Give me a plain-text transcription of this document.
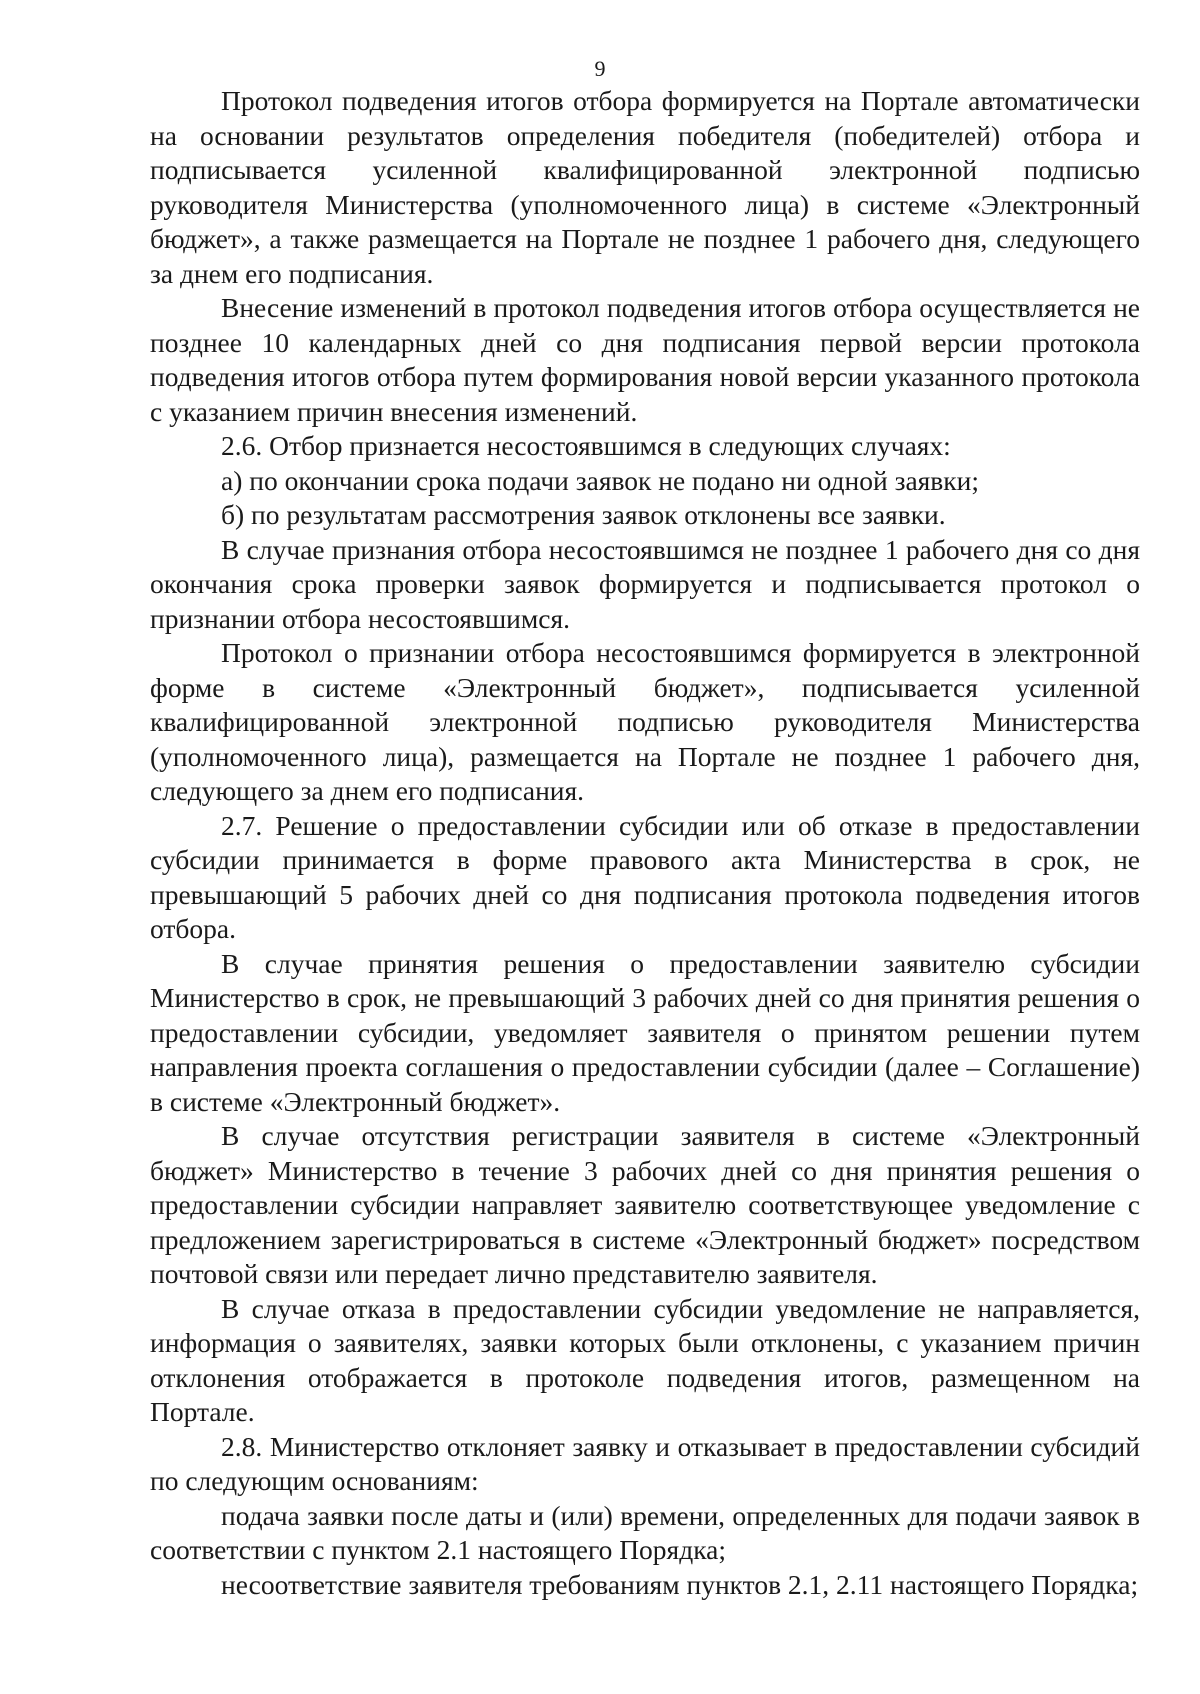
9

Протокол подведения итогов отбора формируется на Портале автоматически на основании результатов определения победителя (победителей) отбора и подписывается усиленной квалифицированной электронной подписью руководителя Министерства (уполномоченного лица) в системе «Электронный бюджет», а также размещается на Портале не позднее 1 рабочего дня, следующего за днем его подписания.

Внесение изменений в протокол подведения итогов отбора осуществляется не позднее 10 календарных дней со дня подписания первой версии протокола подведения итогов отбора путем формирования новой версии указанного протокола с указанием причин внесения изменений.

2.6. Отбор признается несостоявшимся в следующих случаях:

а) по окончании срока подачи заявок не подано ни одной заявки;

б) по результатам рассмотрения заявок отклонены все заявки.

В случае признания отбора несостоявшимся не позднее 1 рабочего дня со дня окончания срока проверки заявок формируется и подписывается протокол о признании отбора несостоявшимся.

Протокол о признании отбора несостоявшимся формируется в электронной форме в системе «Электронный бюджет», подписывается усиленной квалифицированной электронной подписью руководителя Министерства (уполномоченного лица), размещается на Портале не позднее 1 рабочего дня, следующего за днем его подписания.

2.7. Решение о предоставлении субсидии или об отказе в предоставлении субсидии принимается в форме правового акта Министерства в срок, не превышающий 5 рабочих дней со дня подписания протокола подведения итогов отбора.

В случае принятия решения о предоставлении заявителю субсидии Министерство в срок, не превышающий 3 рабочих дней со дня принятия решения о предоставлении субсидии, уведомляет заявителя о принятом решении путем направления проекта соглашения о предоставлении субсидии (далее – Соглашение) в системе «Электронный бюджет».

В случае отсутствия регистрации заявителя в системе «Электронный бюджет» Министерство в течение 3 рабочих дней со дня принятия решения о предоставлении субсидии направляет заявителю соответствующее уведомление с предложением зарегистрироваться в системе «Электронный бюджет» посредством почтовой связи или передает лично представителю заявителя.

В случае отказа в предоставлении субсидии уведомление не направляется, информация о заявителях, заявки которых были отклонены, с указанием причин отклонения отображается в протоколе подведения итогов, размещенном на Портале.

2.8. Министерство отклоняет заявку и отказывает в предоставлении субсидий по следующим основаниям:

подача заявки после даты и (или) времени, определенных для подачи заявок в соответствии с пунктом 2.1 настоящего Порядка;

несоответствие заявителя требованиям пунктов 2.1, 2.11 настоящего Порядка;
